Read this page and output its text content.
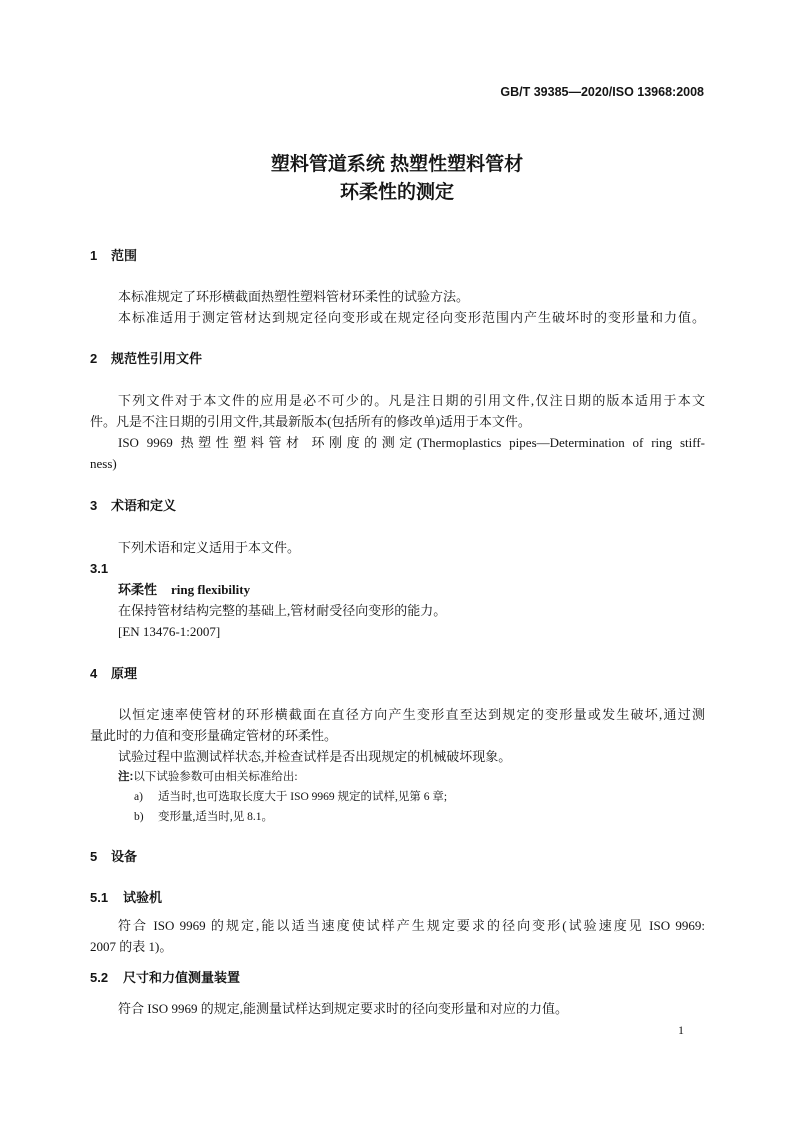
GB/T 39385—2020/ISO 13968:2008
塑料管道系统 热塑性塑料管材
环柔性的测定
1 范围
本标准规定了环形横截面热塑性塑料管材环柔性的试验方法。
本标准适用于测定管材达到规定径向变形或在规定径向变形范围内产生破坏时的变形量和力值。
2 规范性引用文件
下列文件对于本文件的应用是必不可少的。凡是注日期的引用文件,仅注日期的版本适用于本文
件。凡是不注日期的引用文件,其最新版本(包括所有的修改单)适用于本文件。
ISO 9969 热塑性塑料管材 环刚度的测定(Thermoplastics pipes—Determination of ring stiff-
ness)
3 术语和定义
下列术语和定义适用于本文件。
3.1
环柔性 ring flexibility
在保持管材结构完整的基础上,管材耐受径向变形的能力。
[EN 13476-1:2007]
4 原理
以恒定速率使管材的环形横截面在直径方向产生变形直至达到规定的变形量或发生破坏,通过测
量此时的力值和变形量确定管材的环柔性。
试验过程中监测试样状态,并检查试样是否出现规定的机械破坏现象。
注:以下试验参数可由相关标准给出:
a) 适当时,也可选取长度大于 ISO 9969 规定的试样,见第 6 章;
b) 变形量,适当时,见 8.1。
5 设备
5.1 试验机
符合 ISO 9969 的规定,能以适当速度使试样产生规定要求的径向变形(试验速度见 ISO 9969:
2007 的表 1)。
5.2 尺寸和力值测量装置
符合 ISO 9969 的规定,能测量试样达到规定要求时的径向变形量和对应的力值。
1
